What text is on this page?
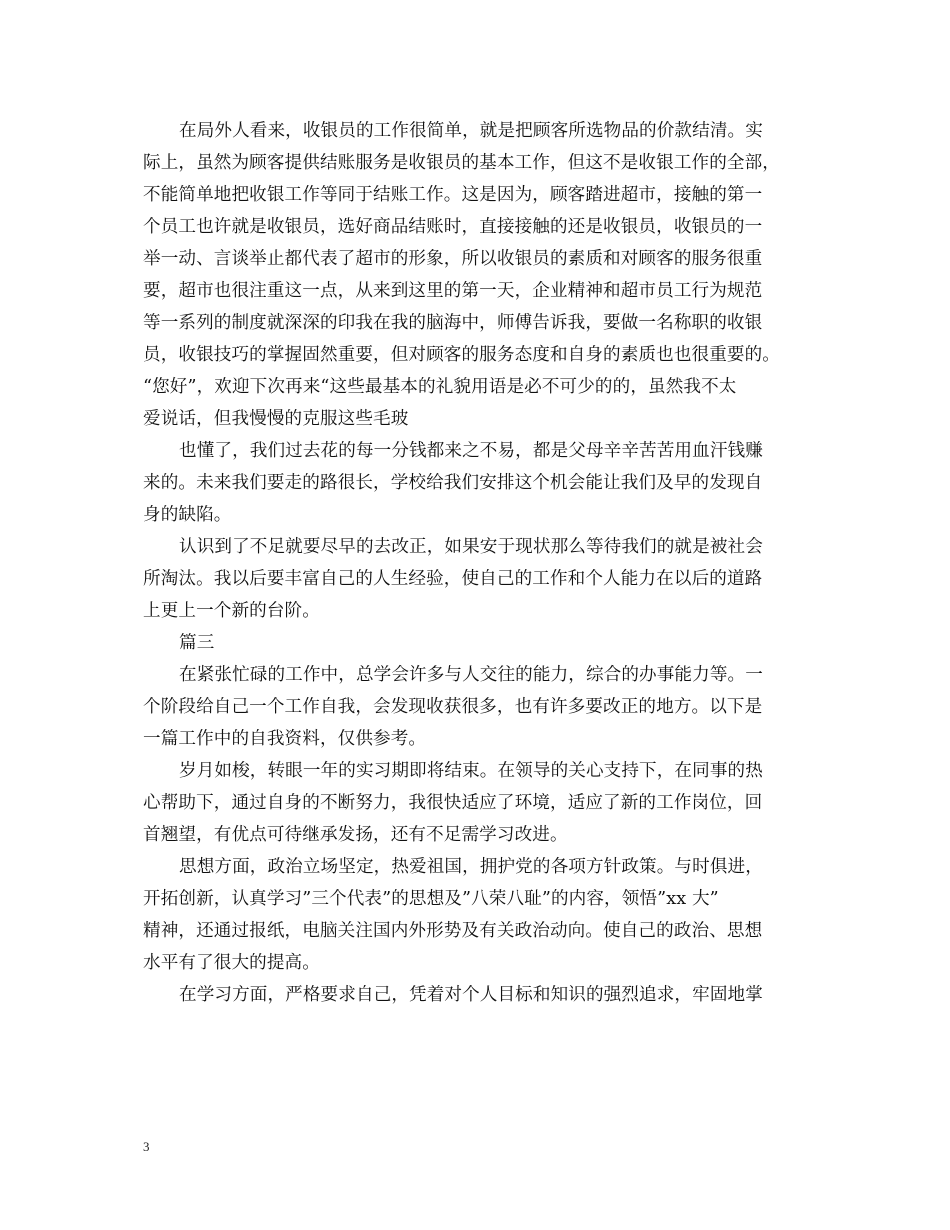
在局外人看来，收银员的工作很简单，就是把顾客所选物品的价款结清。实
际上，虽然为顾客提供结账服务是收银员的基本工作，但这不是收银工作的全部，
不能简单地把收银工作等同于结账工作。这是因为，顾客踏进超市，接触的第一
个员工也许就是收银员，选好商品结账时，直接接触的还是收银员，收银员的一
举一动、言谈举止都代表了超市的形象，所以收银员的素质和对顾客的服务很重
要，超市也很注重这一点，从来到这里的第一天，企业精神和超市员工行为规范
等一系列的制度就深深的印我在我的脑海中，师傅告诉我，要做一名称职的收银
员，收银技巧的掌握固然重要，但对顾客的服务态度和自身的素质也也很重要的。
“您好”，欢迎下次再来“这些最基本的礼貌用语是必不可少的的，虽然我不太
爱说话，但我慢慢的克服这些毛玻
也懂了，我们过去花的每一分钱都来之不易，都是父母辛辛苦苦用血汗钱赚
来的。未来我们要走的路很长，学校给我们安排这个机会能让我们及早的发现自
身的缺陷。
认识到了不足就要尽早的去改正，如果安于现状那么等待我们的就是被社会
所淘汰。我以后要丰富自己的人生经验，使自己的工作和个人能力在以后的道路
上更上一个新的台阶。
篇三
在紧张忙碌的工作中，总学会许多与人交往的能力，综合的办事能力等。一
个阶段给自己一个工作自我，会发现收获很多，也有许多要改正的地方。以下是
一篇工作中的自我资料，仅供参考。
岁月如梭，转眼一年的实习期即将结束。在领导的关心支持下，在同事的热
心帮助下，通过自身的不断努力，我很快适应了环境，适应了新的工作岗位，回
首翘望，有优点可待继承发扬，还有不足需学习改进。
思想方面，政治立场坚定，热爱祖国，拥护党的各项方针政策。与时俱进，
开拓创新，认真学习”三个代表”的思想及”八荣八耻”的内容，领悟”xx 大”
精神，还通过报纸，电脑关注国内外形势及有关政治动向。使自己的政治、思想
水平有了很大的提高。
在学习方面，严格要求自己，凭着对个人目标和知识的强烈追求，牢固地掌
3
